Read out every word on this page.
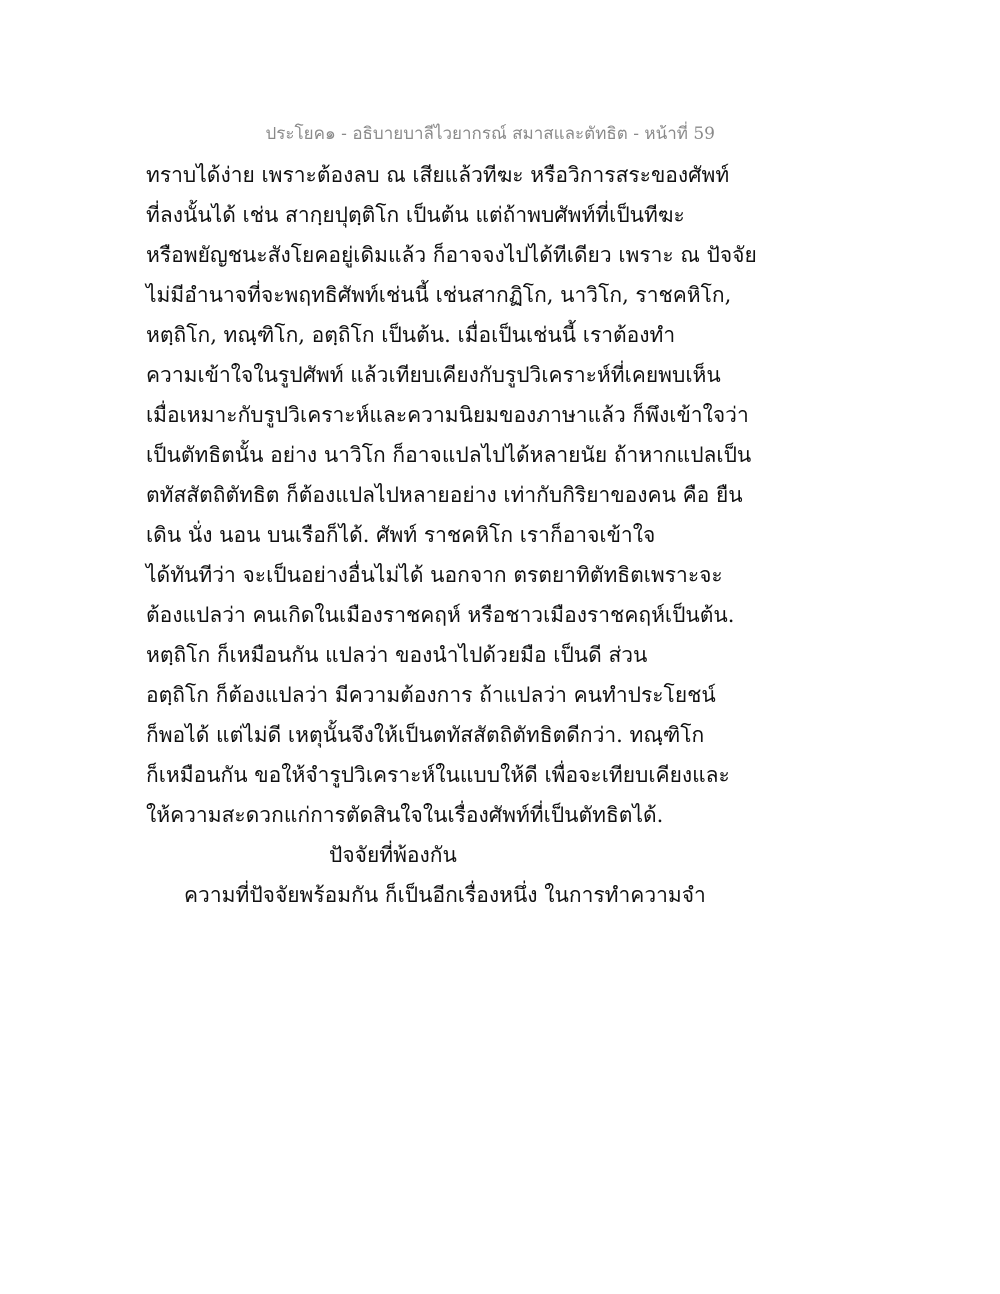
ประโยค๑ - อธิบายบาลีไวยากรณ์ สมาสและตัทธิต - หน้าที่ 59
ทราบได้ง่าย เพราะต้องลบ ณ เสียแล้วทีฆะ หรือวิการสระของศัพท์
ที่ลงนั้นได้ เช่น สากฺยปุตฺติโก เป็นต้น แต่ถ้าพบศัพท์ที่เป็นทีฆะ
หรือพยัญชนะสังโยคอยู่เดิมแล้ว ก็อาจจงไปได้ทีเดียว เพราะ ณ ปัจจัย
ไม่มีอำนาจที่จะพฤทธิศัพท์เช่นนี้ เช่นสากฏิโก, นาวิโก, ราชคหิโก,
หตฺถิโก, ทณฺฑิโก, อตฺถิโก เป็นต้น. เมื่อเป็นเช่นนี้ เราต้องทำ
ความเข้าใจในรูปศัพท์ แล้วเทียบเคียงกับรูปวิเคราะห์ที่เคยพบเห็น
เมื่อเหมาะกับรูปวิเคราะห์และความนิยมของภาษาแล้ว ก็พึงเข้าใจว่า
เป็นตัทธิตนั้น อย่าง นาวิโก ก็อาจแปลไปได้หลายนัย ถ้าหากแปลเป็น
ตทัสสัตถิตัทธิต ก็ต้องแปลไปหลายอย่าง เท่ากับกิริยาของคน คือ ยืน
เดิน นั่ง นอน บนเรือก็ได้. ศัพท์ ราชคหิโก เราก็อาจเข้าใจ
ได้ทันทีว่า จะเป็นอย่างอื่นไม่ได้ นอกจาก ตรตยาทิตัทธิตเพราะจะ
ต้องแปลว่า คนเกิดในเมืองราชคฤห์ หรือชาวเมืองราชคฤห์เป็นต้น.
หตฺถิโก ก็เหมือนกัน แปลว่า ของนำไปด้วยมือ เป็นดี ส่วน
อตฺถิโก ก็ต้องแปลว่า มีความต้องการ ถ้าแปลว่า คนทำประโยชน์
ก็พอได้ แต่ไม่ดี เหตุนั้นจึงให้เป็นตทัสสัตถิตัทธิตดีกว่า. ทณฺฑิโก
ก็เหมือนกัน ขอให้จำรูปวิเคราะห์ในแบบให้ดี เพื่อจะเทียบเคียงและ
ให้ความสะดวกแก่การตัดสินใจในเรื่องศัพท์ที่เป็นตัทธิตได้.
ปัจจัยที่พ้องกัน
ความที่ปัจจัยพร้อมกัน ก็เป็นอีกเรื่องหนึ่ง ในการทำความจำ
